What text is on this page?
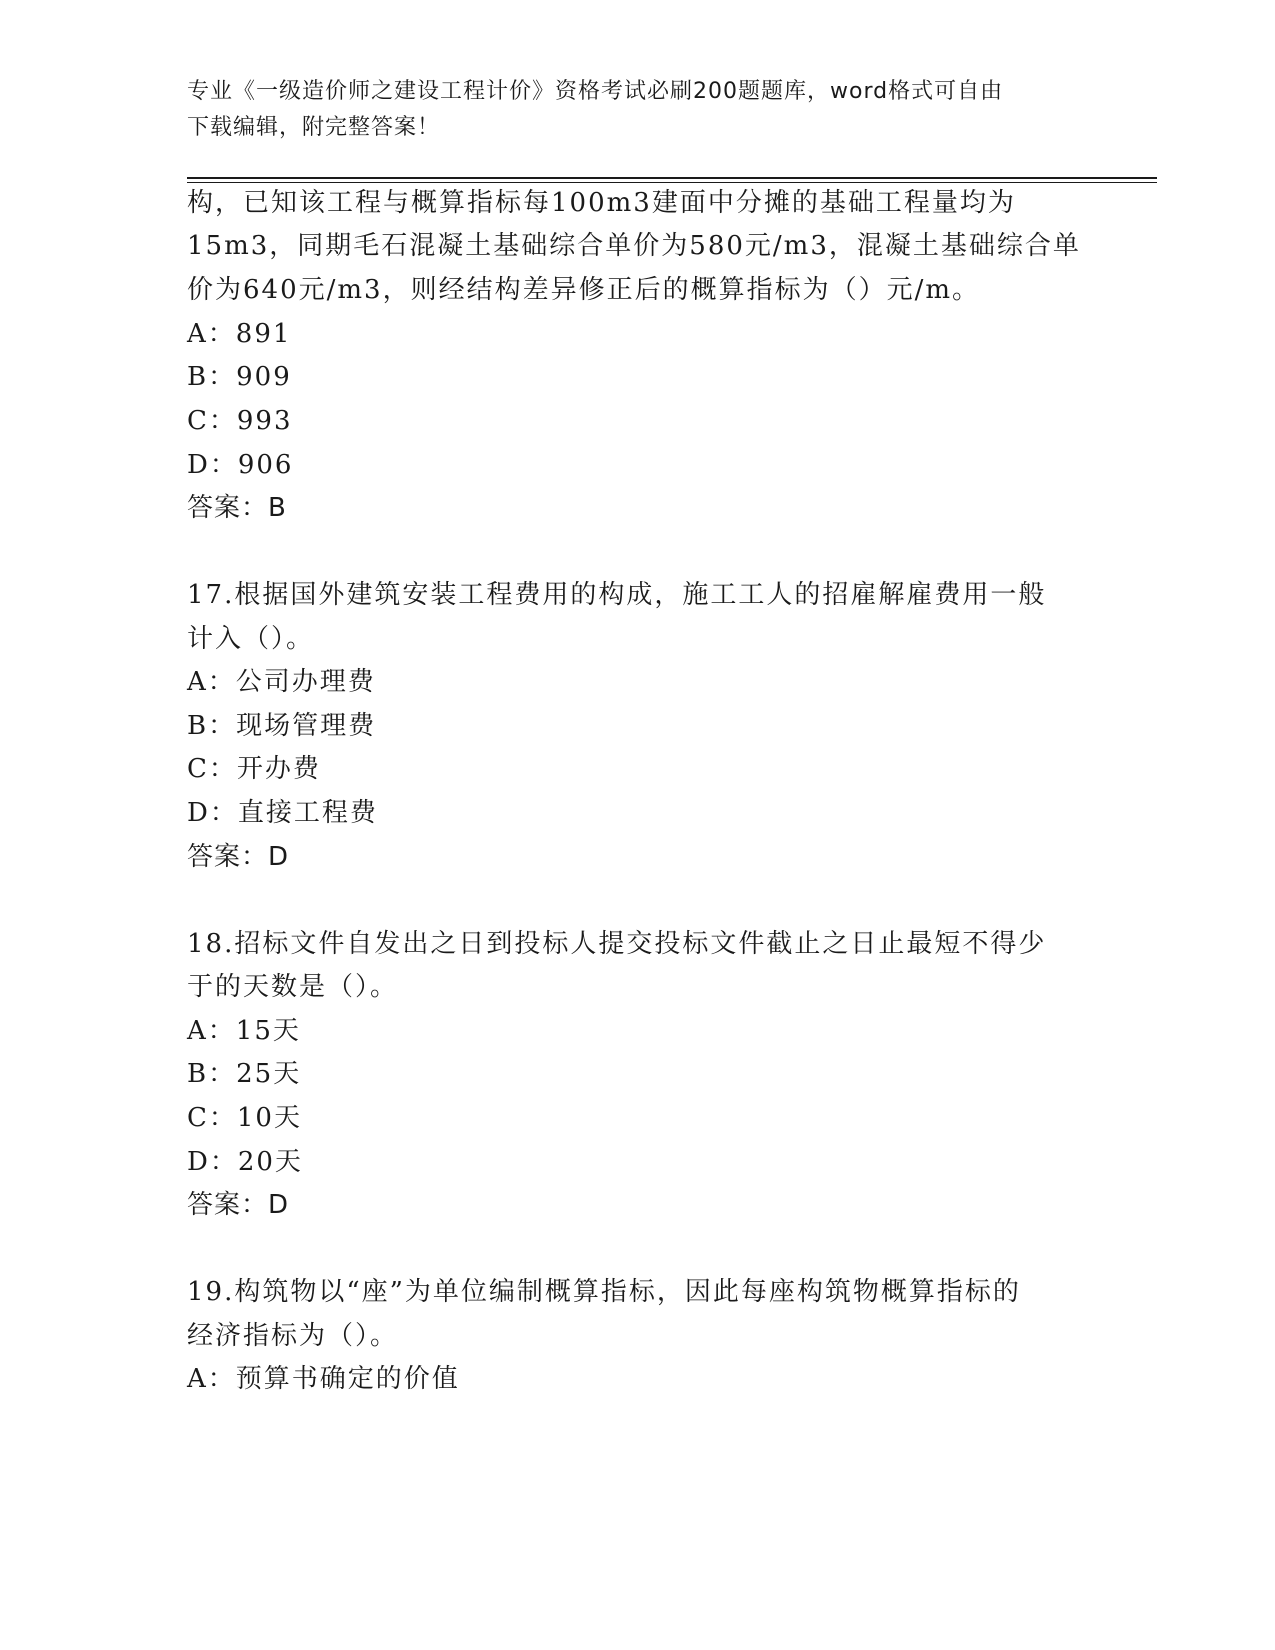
专业《一级造价师之建设工程计价》资格考试必刷200题题库，word格式可自由
下载编辑，附完整答案！
构，已知该工程与概算指标每100m3建面中分摊的基础工程量均为
15m3，同期毛石混凝土基础综合单价为580元/m3，混凝土基础综合单
价为640元/m3，则经结构差异修正后的概算指标为（）元/m。
A：891
B：909
C：993
D：906
答案：B
17.根据国外建筑安装工程费用的构成，施工工人的招雇解雇费用一般
计入（）。
A：公司办理费
B：现场管理费
C：开办费
D：直接工程费
答案：D
18.招标文件自发出之日到投标人提交投标文件截止之日止最短不得少
于的天数是（）。
A：15天
B：25天
C：10天
D：20天
答案：D
19.构筑物以“座”为单位编制概算指标，因此每座构筑物概算指标的
经济指标为（）。
A：预算书确定的价值
